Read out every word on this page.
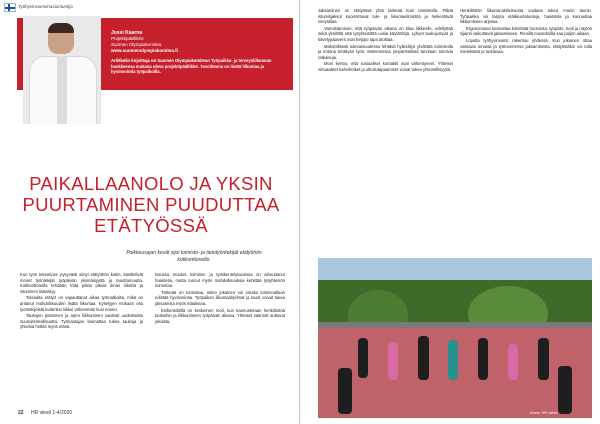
Työhyvinvoinninasiantuntija
Jussi Kaarna
Projektipäällikkö
Suomen Olympiakomitea
www.suomenolympiakomitea.fi
Artikkelin kirjoittaja on Suomen Olympiakomitean Työpaikka- ja terveysliikunnan hankkeessa mukana oleva projektipäällikkö. Tavoitteena on lisätä liikuntaa ja hyvinvointia työpaikoilla.
PAIKALLAANOLO JA YKSIN PUURTAMINEN PUUDUTTAA ETÄTYÖSSÄ
Poikkeusajan kevät sijoi toimisto- ja tietotyöntekijät etätyöhön kotikonttoreille.

Kun työn tekeminen pysyvästi siirtyi etätyöhön kotiin, käsittelivät monet työntekijät työpäivän yksinäisyyttä ja tauottomuutta. Kotikonttoreilla tehdään töitä pitkiä päiviä ilman liikettä ja istuminen lisääntyy.

Toisaalta etätyö on vapauttanut aikaa työmatkoilta, mikä on antanut mahdollisuuden lisätä liikuntaa. Kyselyjen mukaan osa työntekijöistä kuitenkin liikkui vähemmän kuin ennen.

Taukojen pitäminen ja arjen liikkuminen vaativat uudenlaista suunnitelmallisuutta. Työnantajan kannattaa tukea taukoja ja yhteisiä hetkiä myös etänä.

Noussa muutos toiminta- ja työskentelytavoissa on aiheuttanut haasteita, mutta tuonut myös mahdollisuuksia kehittää työyhteisön toimintaa.

Tärkeää on tunnistaa, miten jokainen voi omalla toiminnallaan edistää hyvinvointia. Työpaikan liikuntaohjelmat ja tauot voivat tukea jaksamista myös etäaikana.

Esihenkilöillä on keskeinen rooli, kun kannustetaan henkilöstöä taukoihin ja liikkumiseen työpäivän aikana. Yhteiset säännöt auttavat jokaista.

22 HR viesti 1-4/2020

Jaksaminen on etätyössä yhtä tärkeää kuin toimistolla. Pitkät istumisjaksot kuormittavat tuki- ja liikuntaelimistöä ja heikentävät vireystilaa.

Varmistaminen, että työpäivän aikana on tilaa liikkeelle, edellyttää sekä yksilöltä että työyhteisöltä uusia käytäntöjä. Lyhyet taukojumpat ja kävelypalaverit ovat helppo tapa aloittaa.

Mahdollisesti tulevaisuudessa tehtävä hybridityö yhdistää toimistolla ja kotona tehtävän työn. Molemmissa ympäristöissä tarvitaan toimivia ratkaisuja.

Moni kertoo, että sosiaaliset kontaktit ovat vähentyneet. Yhteiset virtuaaliset kahvihetket ja ulkoilutapaamiset voivat tukea yhteisöllisyyttä.

Henkilöstön liikunta-aktiivisuutta voidaan tukea monin tavoin. Työpaikka voi tarjota etäliikuntatunteja, haasteita ja kannustaa liikkumiseen arjessa.

Ergonomiaan kannattaa kiinnittää huomiota: työpiste, tuoli ja näytön sijainti vaikuttavat jaksamiseen. Pienillä muutoksilla saa paljon aikaan.

Lopulta työhyvinvointi rakentuu yhdessä. Kun jokainen ottaa vastuuta omasta ja työtoveriensa jaksamisesta, etätyöstäkin voi tulla mielekästä ja tuottavaa.

Kuva: HR viesti
